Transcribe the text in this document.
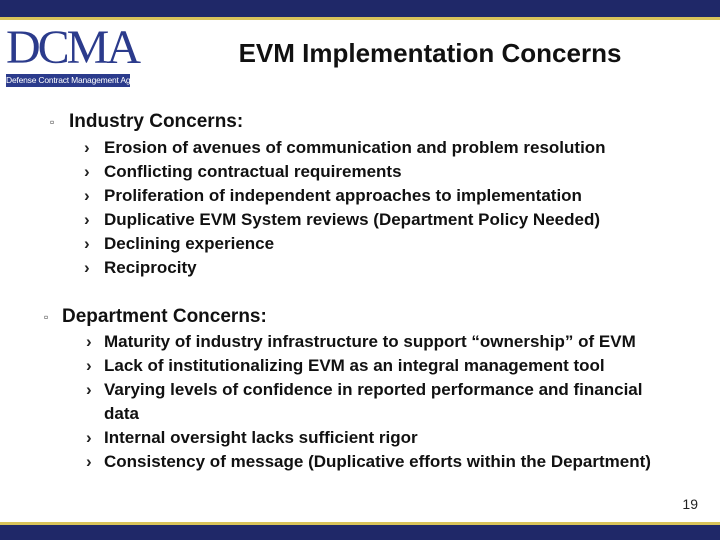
DCMA
Defense Contract Management Agency
EVM Implementation Concerns
▫ Industry Concerns:
› Erosion of avenues of communication and problem resolution
› Conflicting contractual requirements
› Proliferation of independent approaches to implementation
› Duplicative EVM System reviews (Department Policy Needed)
› Declining experience
› Reciprocity
▫ Department Concerns:
› Maturity of industry infrastructure to support “ownership” of EVM
› Lack of institutionalizing EVM as an integral management tool
› Varying levels of confidence in reported performance and financial
data
› Internal oversight lacks sufficient rigor
› Consistency of message (Duplicative efforts within the Department)
19
